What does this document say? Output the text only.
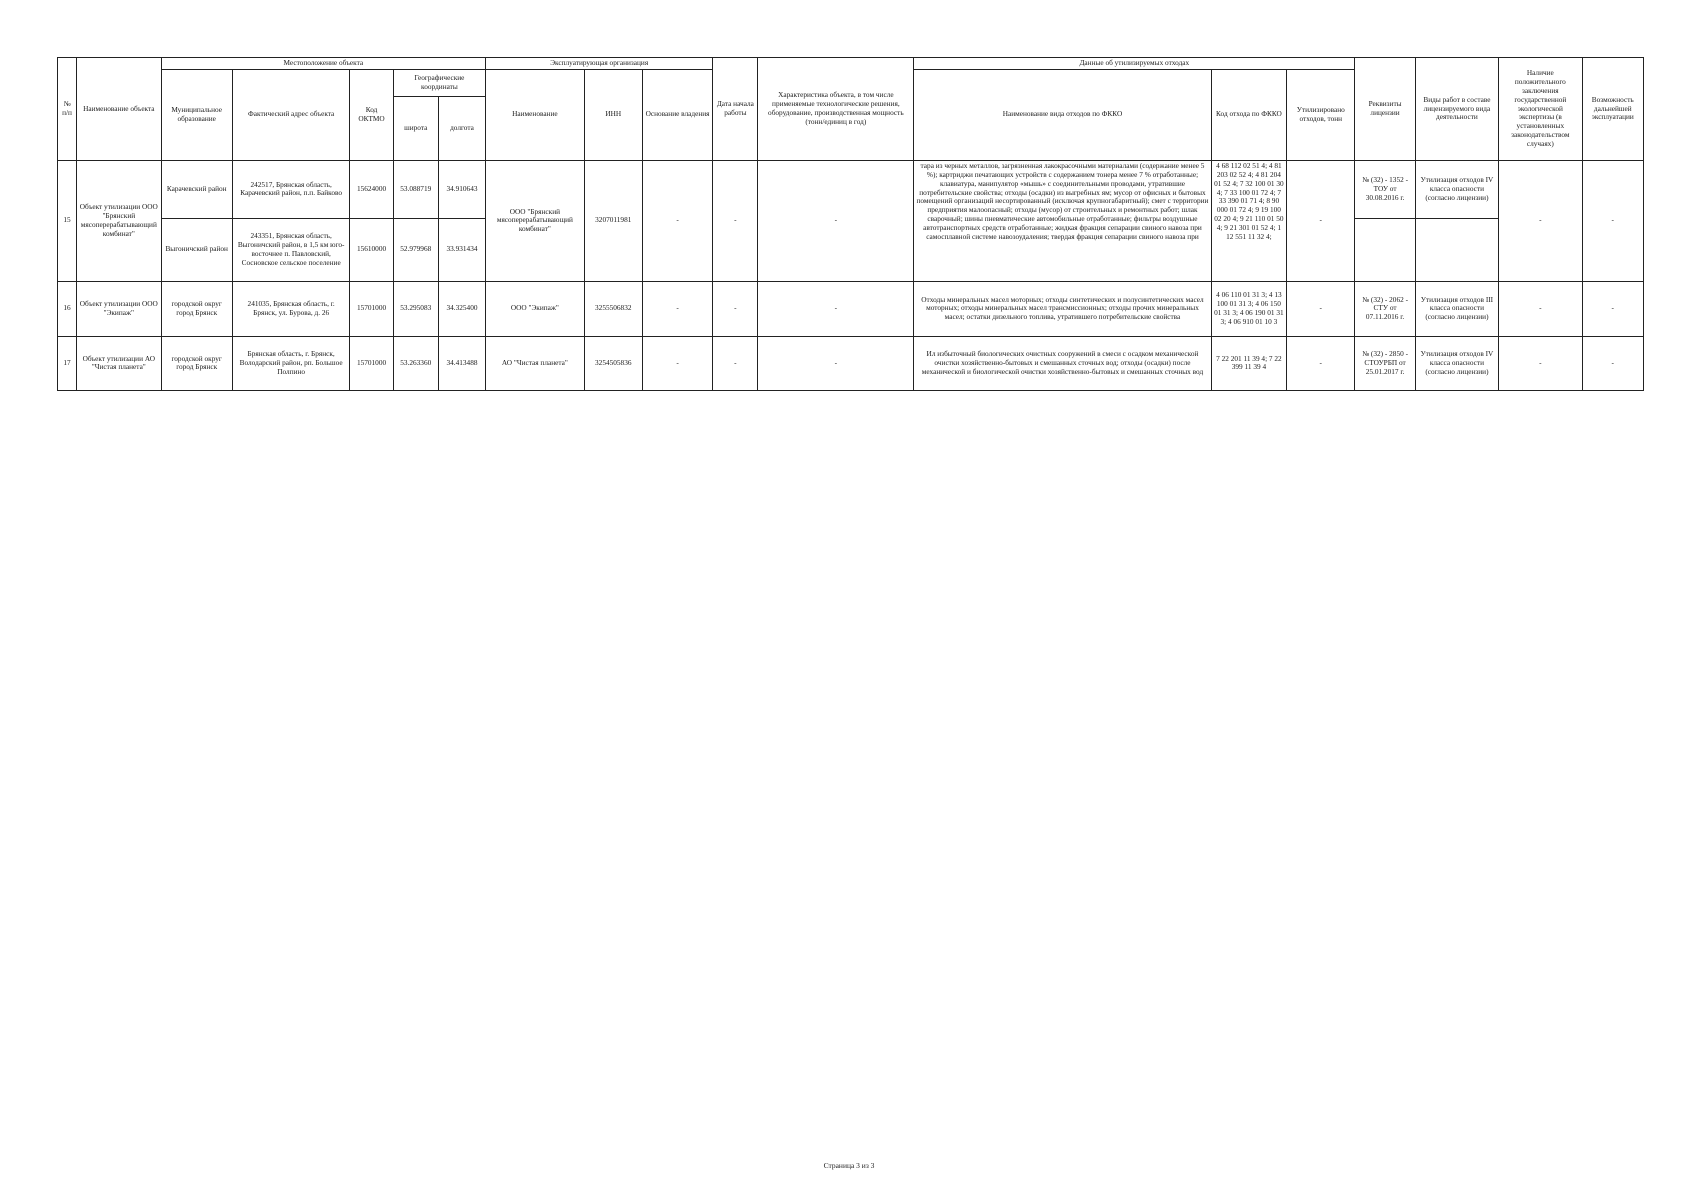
№ п/п	Наименование объекта	Местоположение объекта					Эксплуатирующая организация			Дата начала работы	Характеристика объекта, в том числе применяемые технологические решения, оборудование, производственная мощность (тонн/единиц в год)	Данные об утилизируемых отходах			Реквизиты лицензии	Виды работ в составе лицензируемого вида деятельности	Наличие положительного заключения государственной экологической экспертизы (в установленных законодательством случаях)	Возможность дальнейшей эксплуатации
		Муниципальное образование	Фактический адрес объекта	Код ОКТМО	Географические координаты		Наименование	ИНН	Основание владения			Наименование вида отходов по ФККО	Код отхода по ФККО	Утилизировано отходов, тонн				
					широта	долгота												
15	Объект утилизации ООО "Брянский мясоперерабатывающий комбинат"	Карачевский район	242517, Брянская область, Карачевский район, п.п. Байково	15624000	53.088719	34.910643	ООО "Брянский мясоперерабатывающий комбинат"	3207011981	-	-	-	тара из черных металлов, загрязненная лакокрасочными материалами (содержание менее 5 %); картриджи печатающих устройств с содержанием тонера менее 7 % отработанные; клавиатура, манипулятор «мышь» с соединительными проводами, утратившие потребительские свойства; отходы (осадки) из выгребных ям; мусор от офисных и бытовых помещений организаций несортированный (исключая крупногабаритный); смет с территории предприятия малоопасный; отходы (мусор) от строительных и ремонтных работ; шлак сварочный; шины пневматические автомобильные отработанные; фильтры воздушные автотранспортных средств отработанные; жидкая фракция сепарации свиного навоза при самосплавной системе навозоудаления; твердая фракция сепарации свиного навоза при	4 68 112 02 51 4; 4 81 203 02 52 4; 4 81 204 01 52 4; 7 32 100 01 30 4; 7 33 100 01 72 4; 7 33 390 01 71 4; 8 90 000 01 72 4; 9 19 100 02 20 4; 9 21 110 01 50 4; 9 21 301 01 52 4; 1 12 551 11 32 4;	-	№ (32) - 1352 - ТОУ от 30.08.2016 г.	Утилизация отходов IV класса опасности (согласно лицензии)	-	-
		Выгоничский район	243351, Брянская область, Выгоничский район, в 1,5 км юго-восточнее п. Павловский, Сосновское сельское поселение	15610000	52.979968	33.931434												
16	Объект утилизации ООО "Экипаж"	городской округ город Брянск	241035, Брянская область, г. Брянск, ул. Бурова, д. 26	15701000	53.295083	34.325400	ООО "Экипаж"	3255506832	-	-	-	Отходы минеральных масел моторных; отходы синтетических и полусинтетических масел моторных; отходы минеральных масел трансмиссионных; отходы прочих минеральных масел; остатки дизельного топлива, утратившего потребительские свойства	4 06 110 01 31 3; 4 13 100 01 31 3; 4 06 150 01 31 3; 4 06 190 01 31 3; 4 06 910 01 10 3	-	№ (32) - 2062 - СТУ от 07.11.2016 г.	Утилизация отходов III класса опасности (согласно лицензии)	-	-
17	Объект утилизации АО "Чистая планета"	городской округ город Брянск	Брянская область, г. Брянск, Володарский район, рп. Большое Полпино	15701000	53.263360	34.413488	АО "Чистая планета"	3254505836	-	-	-	Ил избыточный биологических очистных сооружений в смеси с осадком механической очистки хозяйственно-бытовых и смешанных сточных вод; отходы (осадки) после механической и биологической очистки хозяйственно-бытовых и смешанных сточных вод	7 22 201 11 39 4; 7 22 399 11 39 4	-	№ (32) - 2850 - СТОУРБП от 25.01.2017 г.	Утилизация отходов IV класса опасности (согласно лицензии)	-	-
Страница 3 из 3
